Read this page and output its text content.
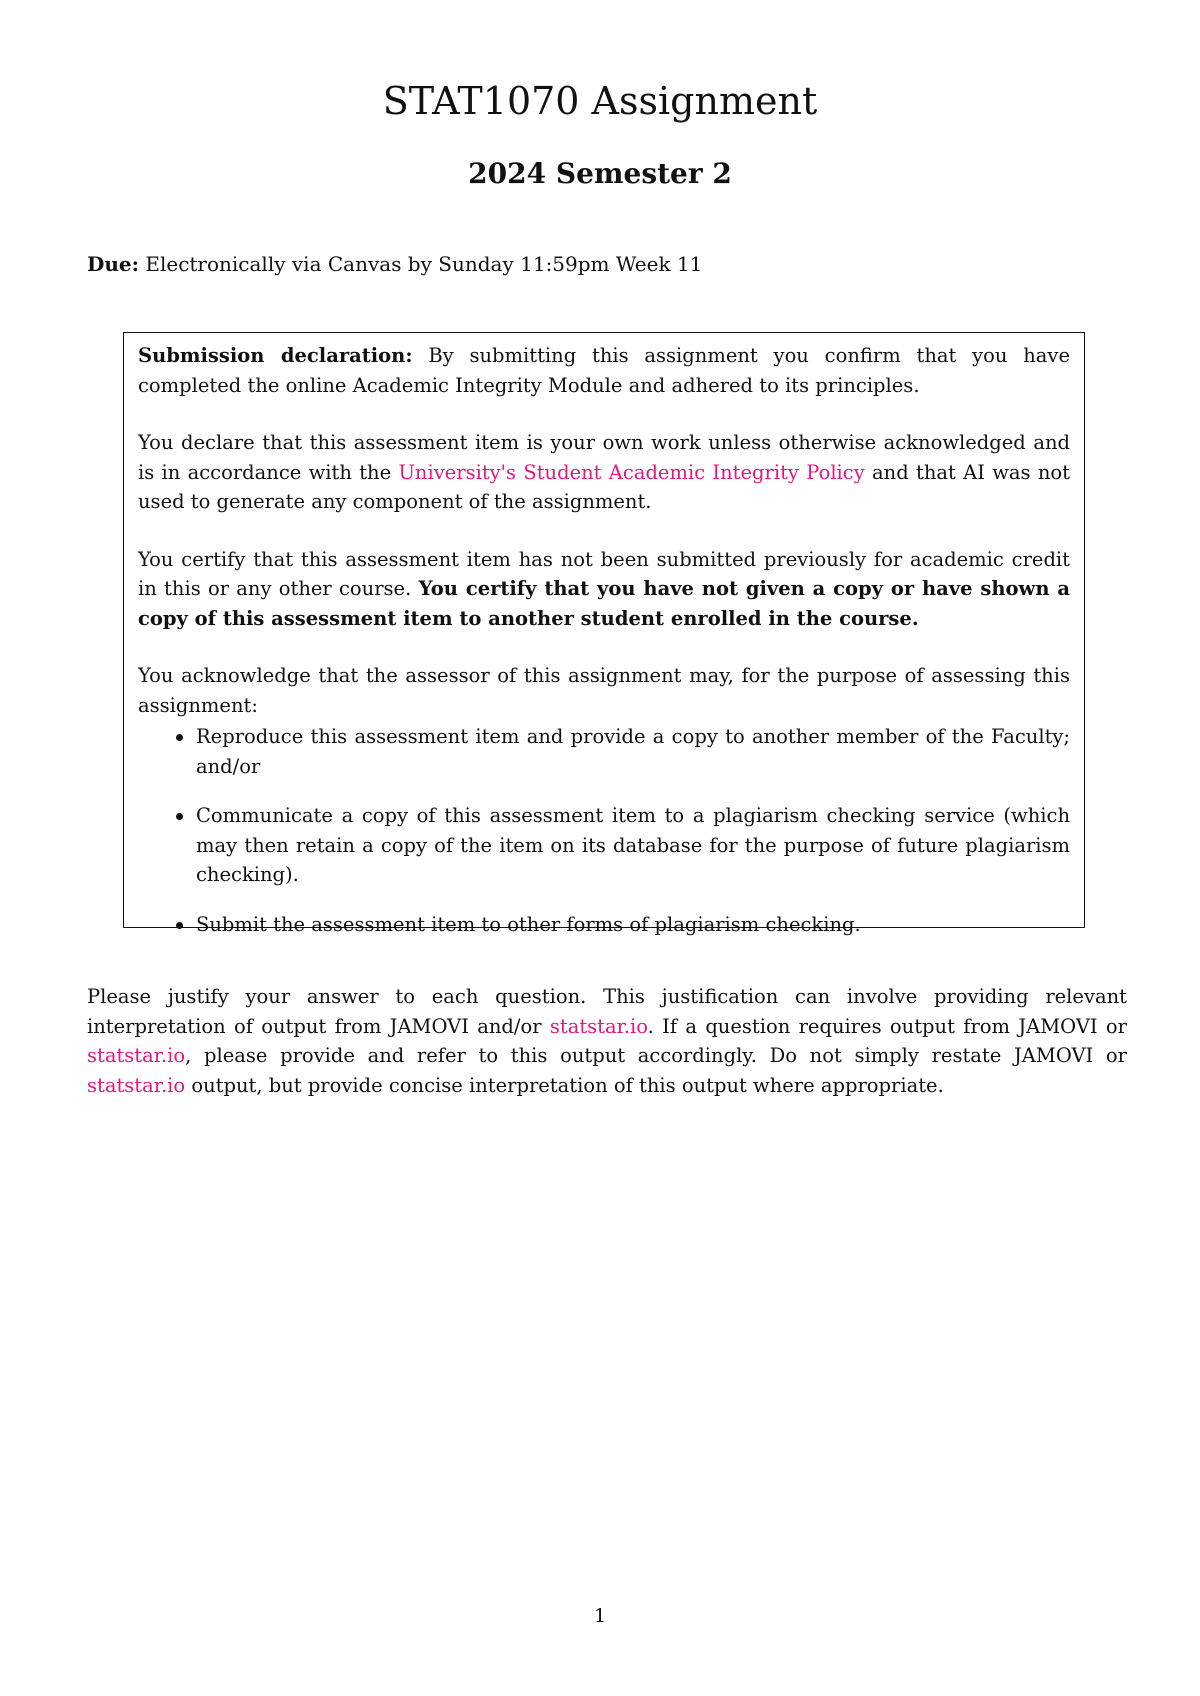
STAT1070 Assignment
2024 Semester 2

Due: Electronically via Canvas by Sunday 11:59pm Week 11

Submission declaration: By submitting this assignment you confirm that you have completed the online Academic Integrity Module and adhered to its principles.

You declare that this assessment item is your own work unless otherwise acknowledged and is in accordance with the University's Student Academic Integrity Policy and that AI was not used to generate any component of the assignment.

You certify that this assessment item has not been submitted previously for academic credit in this or any other course. You certify that you have not given a copy or have shown a copy of this assessment item to another student enrolled in the course.

You acknowledge that the assessor of this assignment may, for the purpose of assessing this assignment:

Reproduce this assessment item and provide a copy to another member of the Faculty; and/or
Communicate a copy of this assessment item to a plagiarism checking service (which may then retain a copy of the item on its database for the purpose of future plagiarism checking).
Submit the assessment item to other forms of plagiarism checking.

Please justify your answer to each question. This justification can involve providing relevant interpretation of output from JAMOVI and/or statstar.io. If a question requires output from JAMOVI or statstar.io, please provide and refer to this output accordingly. Do not simply restate JAMOVI or statstar.io output, but provide concise interpretation of this output where appropriate.

1
